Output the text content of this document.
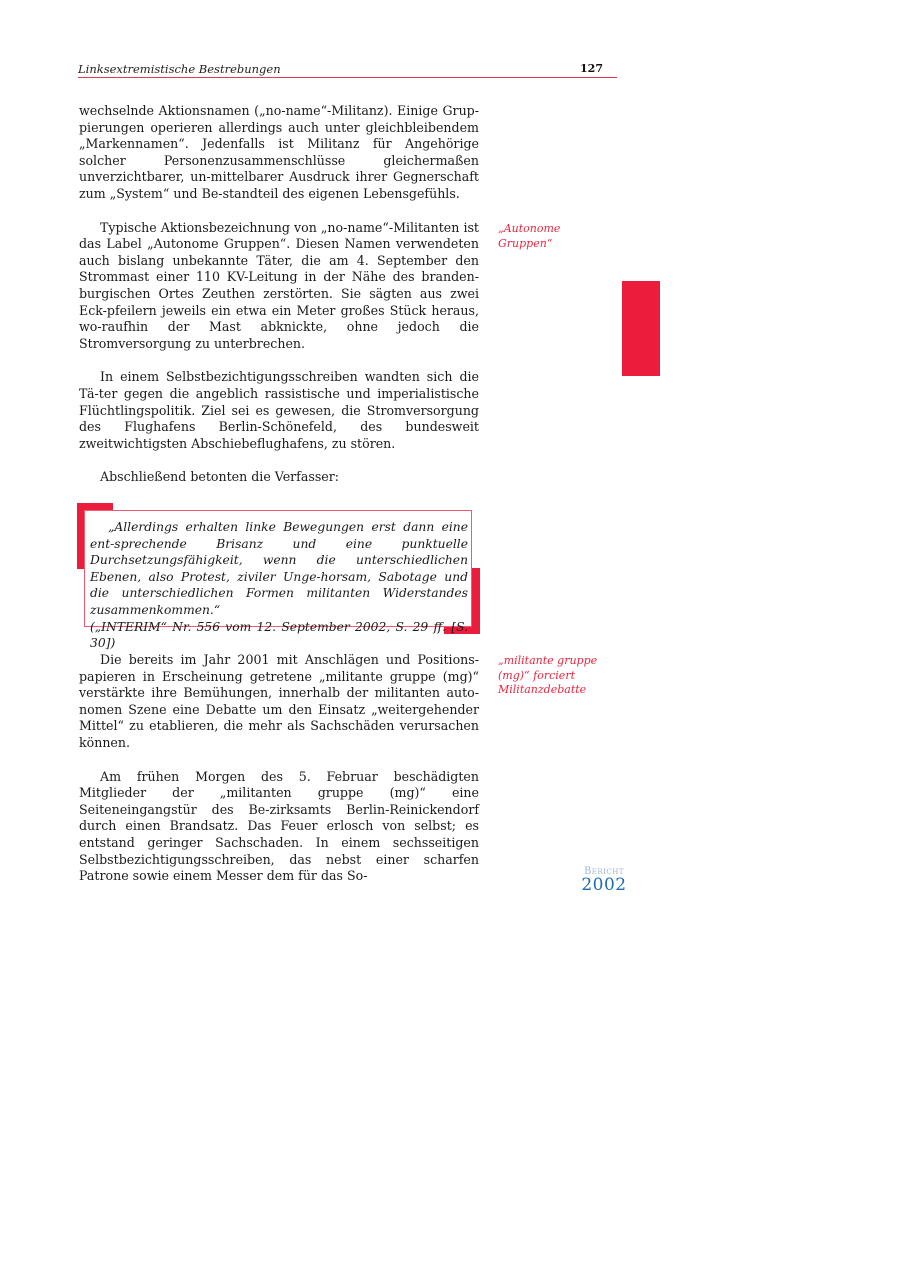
Linksextremistische Bestrebungen	127

wechselnde Aktionsnamen („no-name“-Militanz). Einige Grup-pierungen operieren allerdings auch unter gleichbleibendem „Markennamen“. Jedenfalls ist Militanz für Angehörige solcher Personenzusammenschlüsse gleichermaßen unverzichtbarer, un-mittelbarer Ausdruck ihrer Gegnerschaft zum „System“ und Be-standteil des eigenen Lebensgefühls.

Typische Aktionsbezeichnung von „no-name“-Militanten ist das Label „Autonome Gruppen“. Diesen Namen verwendeten auch bislang unbekannte Täter, die am 4. September den Strommast einer 110 KV-Leitung in der Nähe des branden-burgischen Ortes Zeuthen zerstörten. Sie sägten aus zwei Eck-pfeilern jeweils ein etwa ein Meter großes Stück heraus, wo-raufhin der Mast abknickte, ohne jedoch die Stromversorgung zu unterbrechen.

In einem Selbstbezichtigungsschreiben wandten sich die Tä-ter gegen die angeblich rassistische und imperialistische Flüchtlingspolitik. Ziel sei es gewesen, die Stromversorgung des Flughafens Berlin-Schönefeld, des bundesweit zweitwichtigsten Abschiebeflughafens, zu stören.

Abschließend betonten die Verfasser:

„Autonome
Gruppen“

„Allerdings erhalten linke Bewegungen erst dann eine ent-sprechende Brisanz und eine punktuelle Durchsetzungsfähigkeit, wenn die unterschiedlichen Ebenen, also Protest, ziviler Unge-horsam, Sabotage und die unterschiedlichen Formen militanten Widerstandes zusammenkommen.“

(„INTERIM“ Nr. 556 vom 12. September 2002, S. 29 ff. [S. 30])

Die bereits im Jahr 2001 mit Anschlägen und Positions-papieren in Erscheinung getretene „militante gruppe (mg)“ verstärkte ihre Bemühungen, innerhalb der militanten auto-nomen Szene eine Debatte um den Einsatz „weitergehender Mittel“ zu etablieren, die mehr als Sachschäden verursachen können.

Am frühen Morgen des 5. Februar beschädigten Mitglieder der „militanten gruppe (mg)“ eine Seiteneingangstür des Be-zirksamts Berlin-Reinickendorf durch einen Brandsatz. Das Feuer erlosch von selbst; es entstand geringer Sachschaden. In einem sechsseitigen Selbstbezichtigungsschreiben, das nebst einer scharfen Patrone sowie einem Messer dem für das So-

„militante gruppe
(mg)“ forciert
Militanzdebatte
Bericht
2002
